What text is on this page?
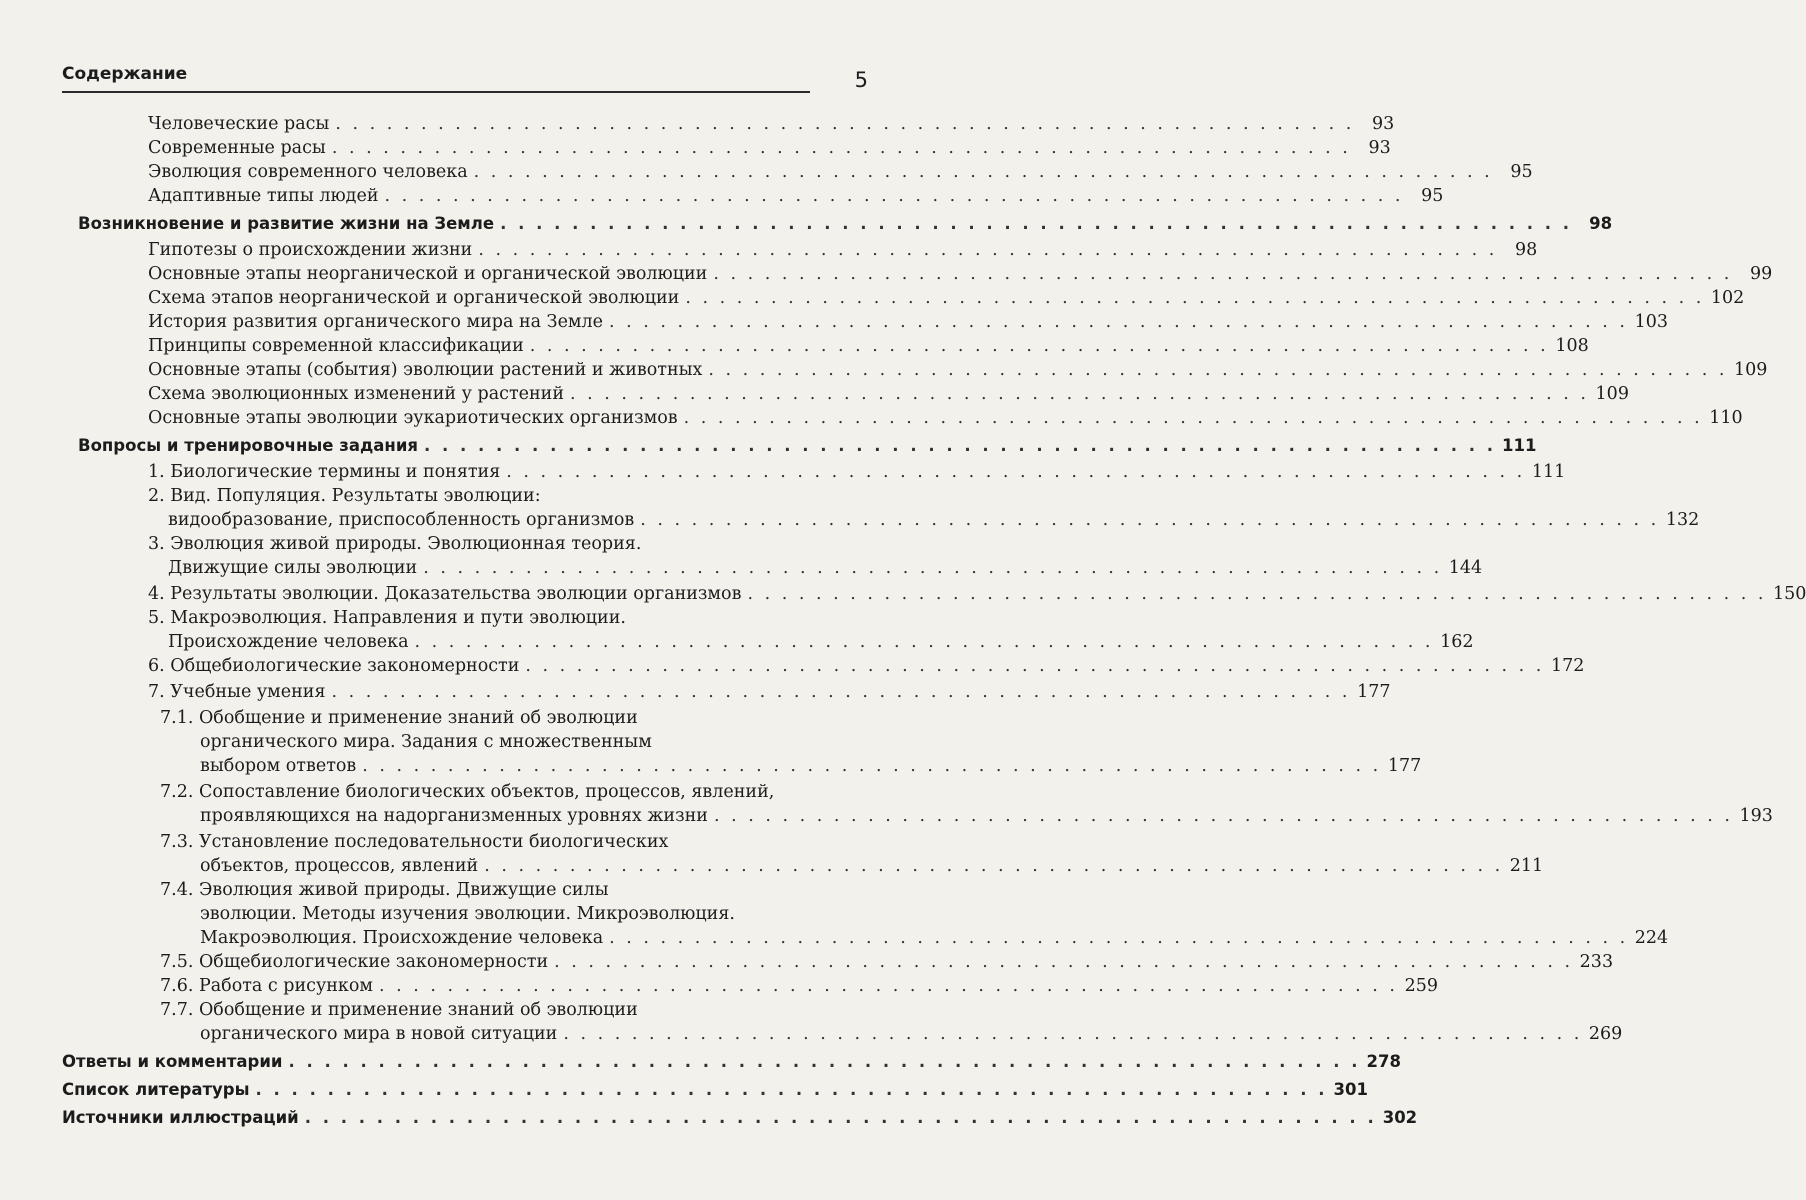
Содержание	5
Человеческие расы . . . . . . . . . . . . . . . . . . . . . . . . . . . . . . . . . . . . . . . . . . . . . . . . . . . . . . . . . . . .	93
Современные расы . . . . . . . . . . . . . . . . . . . . . . . . . . . . . . . . . . . . . . . . . . . . . . . . . . . . . . . . . . . .	93
Эволюция современного человека . . . . . . . . . . . . . . . . . . . . . . . . . . . . . . . . . . . . . . . . . . . . . . . . . . . . . . . . . . . .	95
Адаптивные типы людей . . . . . . . . . . . . . . . . . . . . . . . . . . . . . . . . . . . . . . . . . . . . . . . . . . . . . . . . . . . .	95
Возникновение и развитие жизни на Земле . . . . . . . . . . . . . . . . . . . . . . . . . . . . . . . . . . . . . . . . . . . . . . . . . . . . . . . . . . . .	98
Гипотезы о происхождении жизни . . . . . . . . . . . . . . . . . . . . . . . . . . . . . . . . . . . . . . . . . . . . . . . . . . . . . . . . . . . .	98
Основные этапы неорганической и органической эволюции . . . . . . . . . . . . . . . . . . . . . . . . . . . . . . . . . . . . . . . . . . . . . . . . . . . . . . . . . . . .	99
Схема этапов неорганической и органической эволюции . . . . . . . . . . . . . . . . . . . . . . . . . . . . . . . . . . . . . . . . . . . . . . . . . . . . . . . . . . . . 102
История развития органического мира на Земле . . . . . . . . . . . . . . . . . . . . . . . . . . . . . . . . . . . . . . . . . . . . . . . . . . . . . . . . . . . . 103
Принципы современной классификации . . . . . . . . . . . . . . . . . . . . . . . . . . . . . . . . . . . . . . . . . . . . . . . . . . . . . . . . . . . . 108
Основные этапы (события) эволюции растений и животных . . . . . . . . . . . . . . . . . . . . . . . . . . . . . . . . . . . . . . . . . . . . . . . . . . . . . . . . . . . . 109
Схема эволюционных изменений у растений . . . . . . . . . . . . . . . . . . . . . . . . . . . . . . . . . . . . . . . . . . . . . . . . . . . . . . . . . . . . 109
Основные этапы эволюции эукариотических организмов . . . . . . . . . . . . . . . . . . . . . . . . . . . . . . . . . . . . . . . . . . . . . . . . . . . . . . . . . . . . 110
Вопросы и тренировочные задания . . . . . . . . . . . . . . . . . . . . . . . . . . . . . . . . . . . . . . . . . . . . . . . . . . . . . . . . . . . . 111
1. Биологические термины и понятия . . . . . . . . . . . . . . . . . . . . . . . . . . . . . . . . . . . . . . . . . . . . . . . . . . . . . . . . . . . . 111
2. Вид. Популяция. Результаты эволюции:
видообразование, приспособленность организмов . . . . . . . . . . . . . . . . . . . . . . . . . . . . . . . . . . . . . . . . . . . . . . . . . . . . . . . . . . . . 132
3. Эволюция живой природы. Эволюционная теория.
Движущие силы эволюции . . . . . . . . . . . . . . . . . . . . . . . . . . . . . . . . . . . . . . . . . . . . . . . . . . . . . . . . . . . . 144
4. Результаты эволюции. Доказательства эволюции организмов . . . . . . . . . . . . . . . . . . . . . . . . . . . . . . . . . . . . . . . . . . . . . . . . . . . . . . . . . . . . 150
5. Макроэволюция. Направления и пути эволюции.
Происхождение человека . . . . . . . . . . . . . . . . . . . . . . . . . . . . . . . . . . . . . . . . . . . . . . . . . . . . . . . . . . . . 162
6. Общебиологические закономерности . . . . . . . . . . . . . . . . . . . . . . . . . . . . . . . . . . . . . . . . . . . . . . . . . . . . . . . . . . . . 172
7. Учебные умения . . . . . . . . . . . . . . . . . . . . . . . . . . . . . . . . . . . . . . . . . . . . . . . . . . . . . . . . . . . . 177
7.1. Обобщение и применение знаний об эволюции
органического мира. Задания с множественным
выбором ответов . . . . . . . . . . . . . . . . . . . . . . . . . . . . . . . . . . . . . . . . . . . . . . . . . . . . . . . . . . . . 177
7.2. Сопоставление биологических объектов, процессов, явлений,
проявляющихся на надорганизменных уровнях жизни . . . . . . . . . . . . . . . . . . . . . . . . . . . . . . . . . . . . . . . . . . . . . . . . . . . . . . . . . . . . 193
7.3. Установление последовательности биологических
объектов, процессов, явлений . . . . . . . . . . . . . . . . . . . . . . . . . . . . . . . . . . . . . . . . . . . . . . . . . . . . . . . . . . . . 211
7.4. Эволюция живой природы. Движущие силы
эволюции. Методы изучения эволюции. Микроэволюция.
Макроэволюция. Происхождение человека . . . . . . . . . . . . . . . . . . . . . . . . . . . . . . . . . . . . . . . . . . . . . . . . . . . . . . . . . . . . 224
7.5. Общебиологические закономерности . . . . . . . . . . . . . . . . . . . . . . . . . . . . . . . . . . . . . . . . . . . . . . . . . . . . . . . . . . . . 233
7.6. Работа с рисунком . . . . . . . . . . . . . . . . . . . . . . . . . . . . . . . . . . . . . . . . . . . . . . . . . . . . . . . . . . . . 259
7.7. Обобщение и применение знаний об эволюции
органического мира в новой ситуации . . . . . . . . . . . . . . . . . . . . . . . . . . . . . . . . . . . . . . . . . . . . . . . . . . . . . . . . . . . . 269
Ответы и комментарии . . . . . . . . . . . . . . . . . . . . . . . . . . . . . . . . . . . . . . . . . . . . . . . . . . . . . . . . . . . . 278
Список литературы . . . . . . . . . . . . . . . . . . . . . . . . . . . . . . . . . . . . . . . . . . . . . . . . . . . . . . . . . . . . 301
Источники иллюстраций . . . . . . . . . . . . . . . . . . . . . . . . . . . . . . . . . . . . . . . . . . . . . . . . . . . . . . . . . . . . 302
